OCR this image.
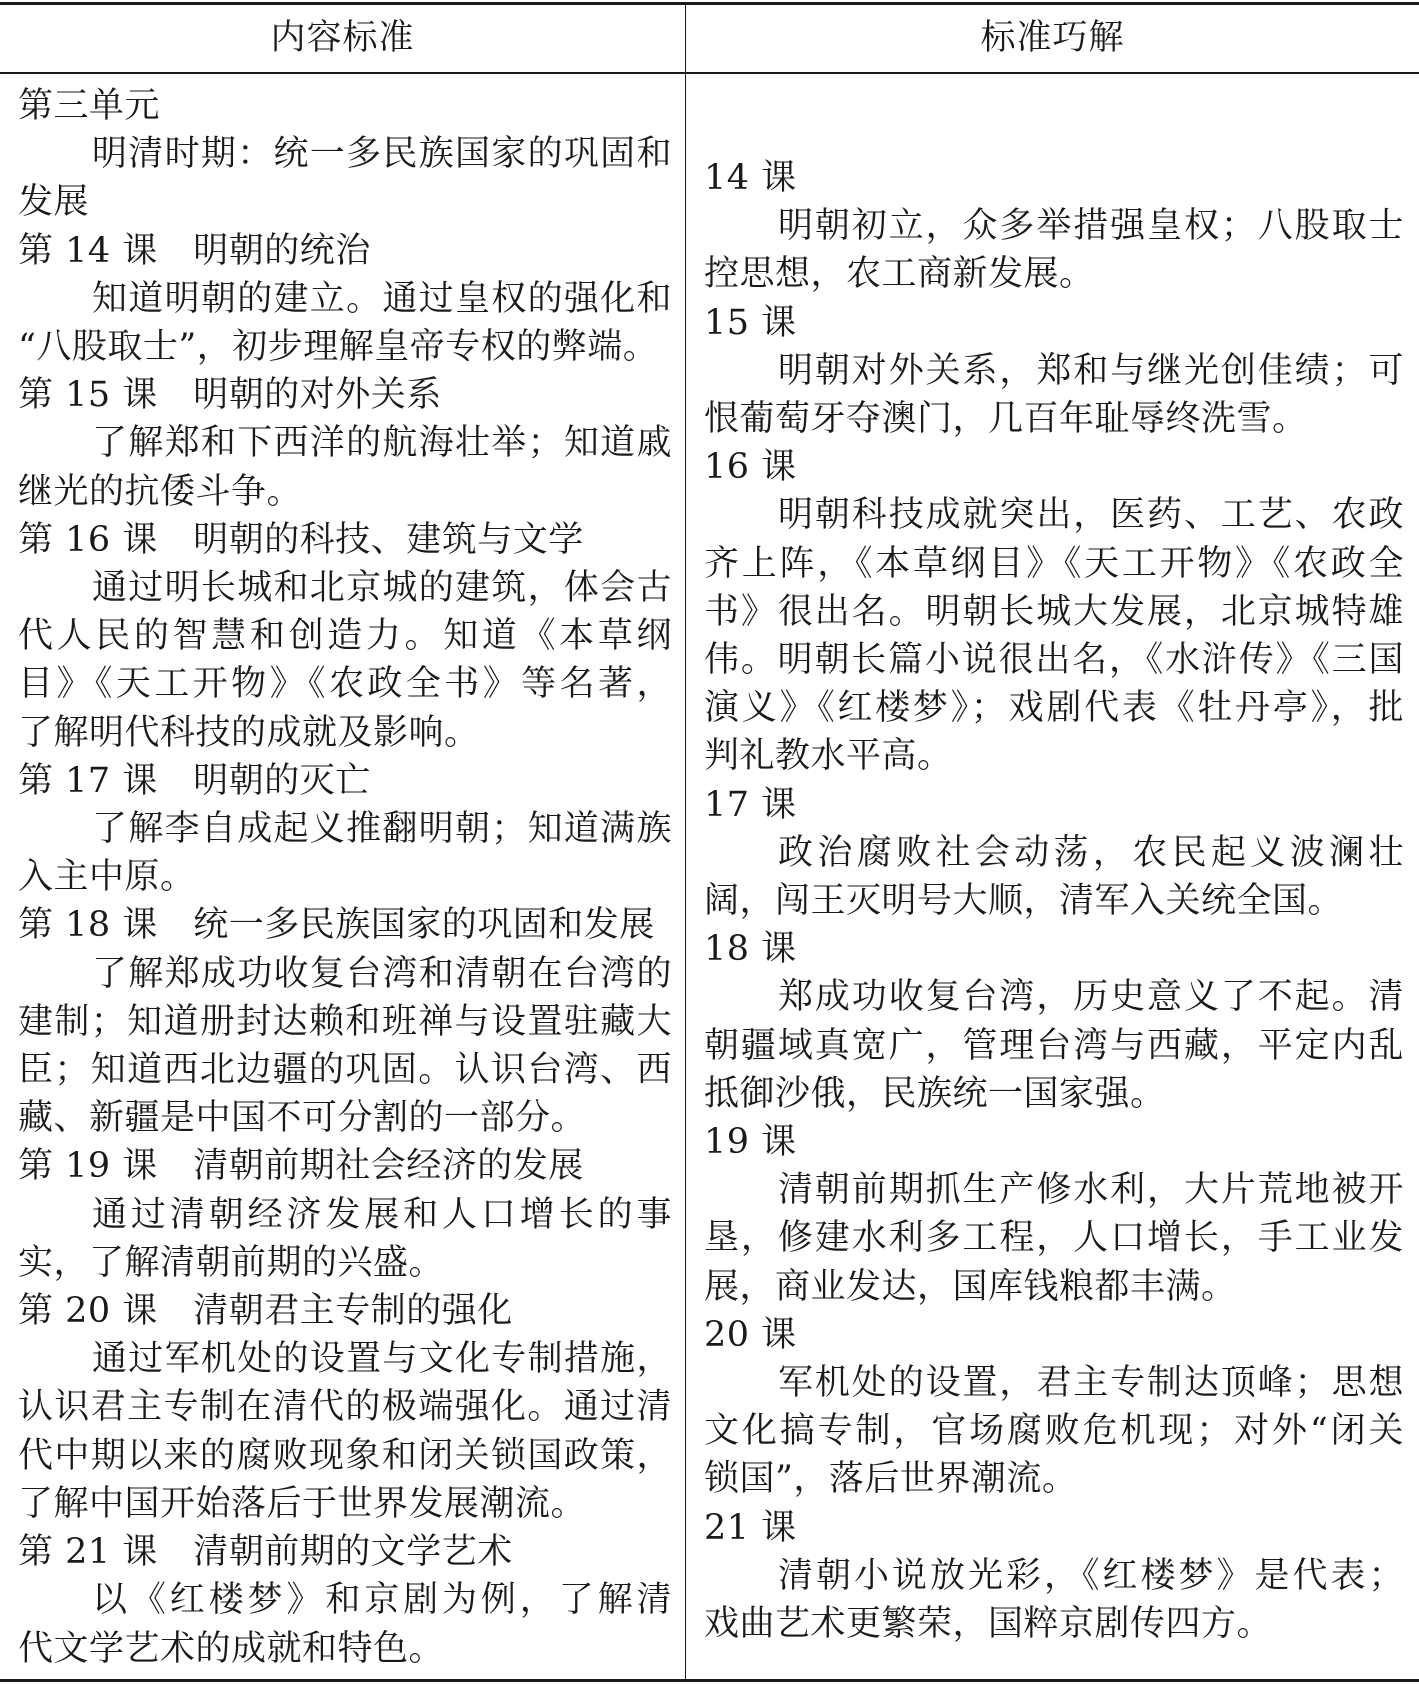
内容标准	标准巧解
第三单元
明清时期：统一多民族国家的巩固和
发展
第 14 课　明朝的统治
知道明朝的建立。通过皇权的强化和
“八股取士”，初步理解皇帝专权的弊端。
第 15 课　明朝的对外关系
了解郑和下西洋的航海壮举；知道戚
继光的抗倭斗争。
第 16 课　明朝的科技、建筑与文学
通过明长城和北京城的建筑，体会古
代人民的智慧和创造力。知道《本草纲
目》《天工开物》《农政全书》等名著，
了解明代科技的成就及影响。
第 17 课　明朝的灭亡
了解李自成起义推翻明朝；知道满族
入主中原。
第 18 课　统一多民族国家的巩固和发展
了解郑成功收复台湾和清朝在台湾的
建制；知道册封达赖和班禅与设置驻藏大
臣；知道西北边疆的巩固。认识台湾、西
藏、新疆是中国不可分割的一部分。
第 19 课　清朝前期社会经济的发展
通过清朝经济发展和人口增长的事
实，了解清朝前期的兴盛。
第 20 课　清朝君主专制的强化
通过军机处的设置与文化专制措施，
认识君主专制在清代的极端强化。通过清
代中期以来的腐败现象和闭关锁国政策，
了解中国开始落后于世界发展潮流。
第 21 课　清朝前期的文学艺术
以《红楼梦》和京剧为例，了解清
代文学艺术的成就和特色。
14 课
明朝初立，众多举措强皇权；八股取士
控思想，农工商新发展。
15 课
明朝对外关系，郑和与继光创佳绩；可
恨葡萄牙夺澳门，几百年耻辱终洗雪。
16 课
明朝科技成就突出，医药、工艺、农政
齐上阵，《本草纲目》《天工开物》《农政全
书》很出名。明朝长城大发展，北京城特雄
伟。明朝长篇小说很出名，《水浒传》《三国
演义》《红楼梦》；戏剧代表《牡丹亭》，批
判礼教水平高。
17 课
政治腐败社会动荡，农民起义波澜壮
阔，闯王灭明号大顺，清军入关统全国。
18 课
郑成功收复台湾，历史意义了不起。清
朝疆域真宽广，管理台湾与西藏，平定内乱
抵御沙俄，民族统一国家强。
19 课
清朝前期抓生产修水利，大片荒地被开
垦，修建水利多工程，人口增长，手工业发
展，商业发达，国库钱粮都丰满。
20 课
军机处的设置，君主专制达顶峰；思想
文化搞专制，官场腐败危机现；对外“闭关
锁国”，落后世界潮流。
21 课
清朝小说放光彩，《红楼梦》是代表；
戏曲艺术更繁荣，国粹京剧传四方。
